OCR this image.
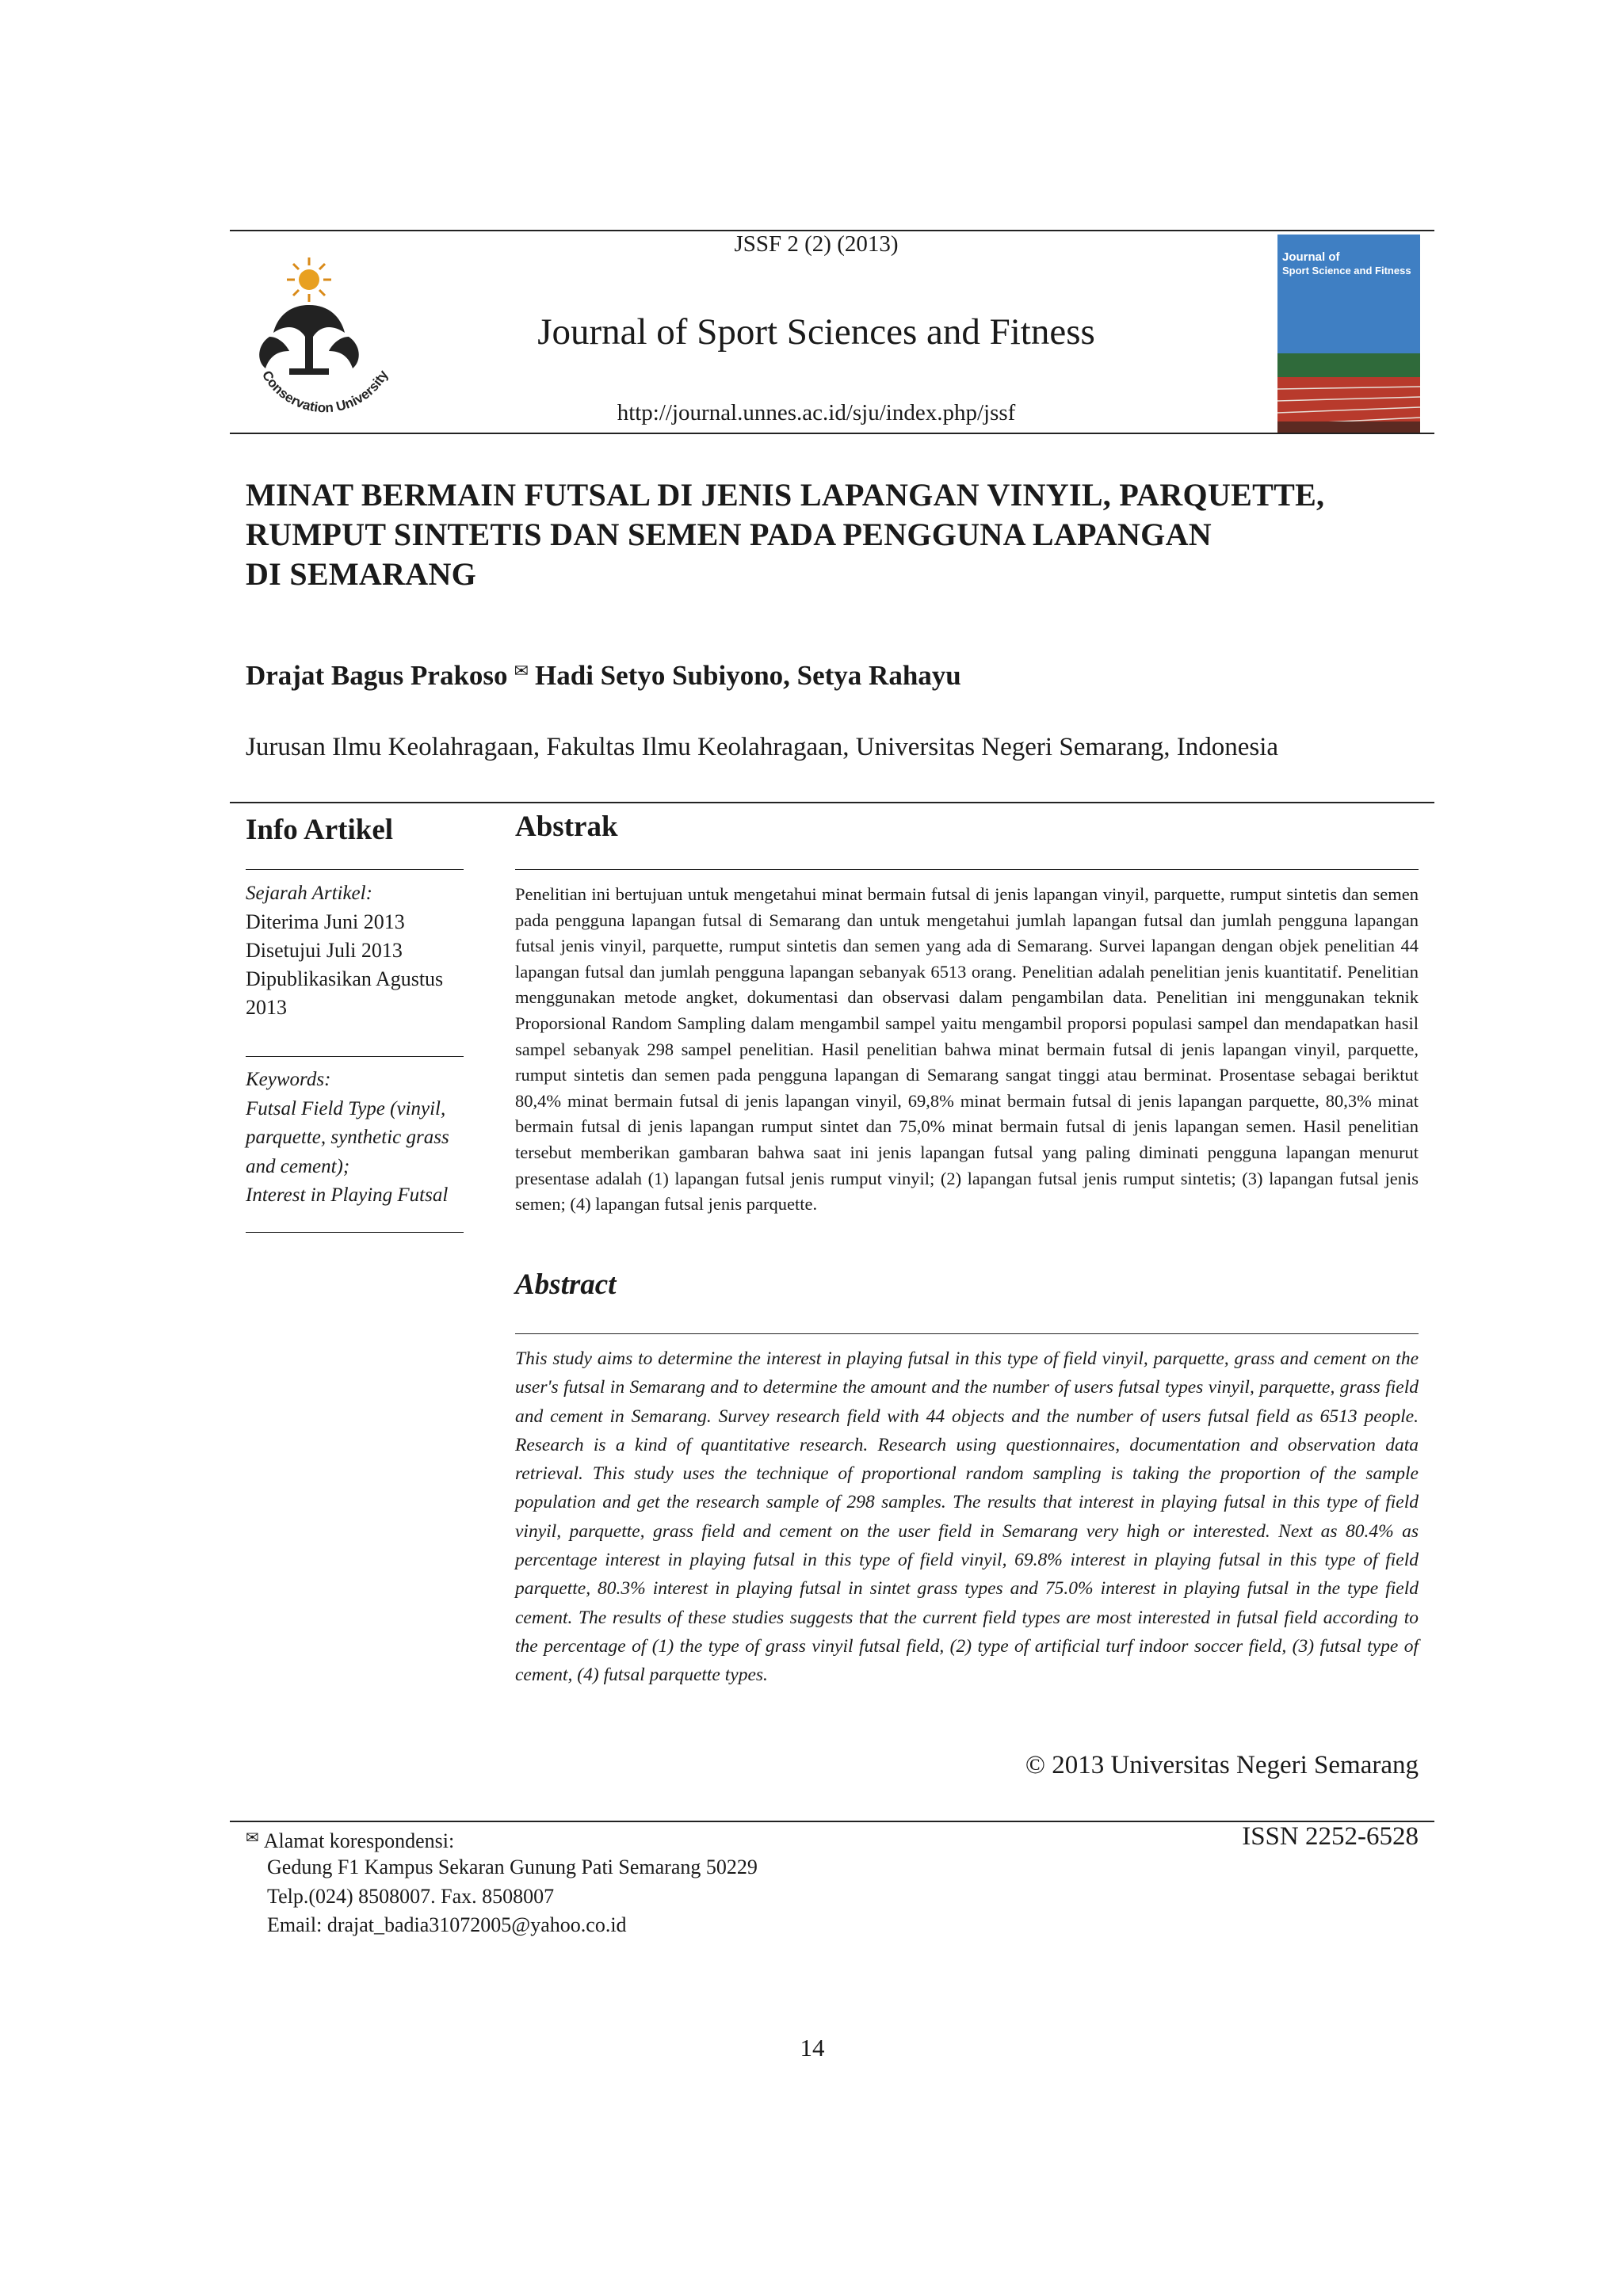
JSSF 2 (2) (2013)
Journal of Sport Sciences and Fitness
http://journal.unnes.ac.id/sju/index.php/jssf
Conservation University
Journal of
Sport Science and Fitness
MINAT BERMAIN FUTSAL DI JENIS LAPANGAN VINYIL, PARQUETTE,
RUMPUT SINTETIS DAN SEMEN PADA PENGGUNA LAPANGAN
DI SEMARANG
Drajat Bagus Prakoso ✉ Hadi Setyo Subiyono, Setya Rahayu
Jurusan Ilmu Keolahragaan, Fakultas Ilmu Keolahragaan, Universitas Negeri Semarang, Indonesia
Info Artikel
Sejarah Artikel:
Diterima Juni 2013
Disetujui Juli 2013
Dipublikasikan Agustus
2013
Keywords:
Futsal Field Type (vinyil,
parquette, synthetic grass
and cement);
Interest in Playing Futsal
Abstrak
Penelitian ini bertujuan untuk mengetahui minat bermain futsal di jenis lapangan vinyil, parquette, rumput sintetis dan semen pada pengguna lapangan futsal di Semarang dan untuk mengetahui jumlah lapangan futsal dan jumlah pengguna lapangan futsal jenis vinyil, parquette, rumput sintetis dan semen yang ada di Semarang. Survei lapangan dengan objek penelitian 44 lapangan futsal dan jumlah pengguna lapangan sebanyak 6513 orang. Penelitian adalah penelitian jenis kuantitatif. Penelitian menggunakan metode angket, dokumentasi dan observasi dalam pengambilan data. Penelitian ini menggunakan teknik Proporsional Random Sampling dalam mengambil sampel yaitu mengambil proporsi populasi sampel dan mendapatkan hasil sampel sebanyak 298 sampel penelitian. Hasil penelitian bahwa minat bermain futsal di jenis lapangan vinyil, parquette, rumput sintetis dan semen pada pengguna lapangan di Semarang sangat tinggi atau berminat. Prosentase sebagai beriktut 80,4% minat bermain futsal di jenis lapangan vinyil, 69,8% minat bermain futsal di jenis lapangan parquette, 80,3% minat bermain futsal di jenis lapangan rumput sintet dan 75,0% minat bermain futsal di jenis lapangan semen. Hasil penelitian tersebut memberikan gambaran bahwa saat ini jenis lapangan futsal yang paling diminati pengguna lapangan menurut presentase adalah (1) lapangan futsal jenis rumput vinyil; (2) lapangan futsal jenis rumput sintetis; (3) lapangan futsal jenis semen; (4) lapangan futsal jenis parquette.
Abstract
This study aims to determine the interest in playing futsal in this type of field vinyil, parquette, grass and cement on the user's futsal in Semarang and to determine the amount and the number of users futsal types vinyil, parquette, grass field and cement in Semarang. Survey research field with 44 objects and the number of users futsal field as 6513 people. Research is a kind of quantitative research. Research using questionnaires, documentation and observation data retrieval. This study uses the technique of proportional random sampling is taking the proportion of the sample population and get the research sample of 298 samples. The results that interest in playing futsal in this type of field vinyil, parquette, grass field and cement on the user field in Semarang very high or interested. Next as 80.4% as percentage interest in playing futsal in this type of field vinyil, 69.8% interest in playing futsal in this type of field parquette, 80.3% interest in playing futsal in sintet grass types and 75.0% interest in playing futsal in the type field cement. The results of these studies suggests that the current field types are most interested in futsal field according to the percentage of (1) the type of grass vinyil futsal field, (2) type of artificial turf indoor soccer field, (3) futsal type of cement, (4) futsal parquette types.
© 2013 Universitas Negeri Semarang
✉ Alamat korespondensi:
Gedung F1 Kampus Sekaran Gunung Pati Semarang 50229
Telp.(024) 8508007. Fax. 8508007
Email: drajat_badia31072005@yahoo.co.id
ISSN 2252-6528
14
